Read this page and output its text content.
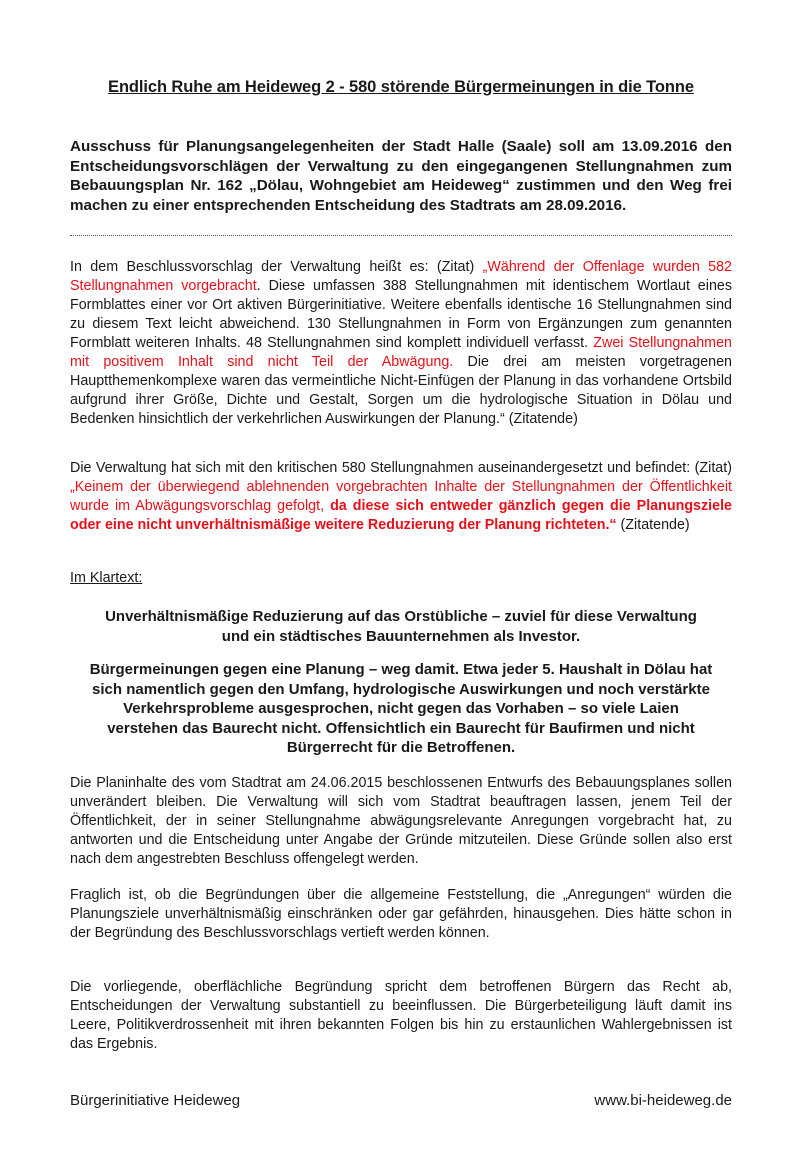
Endlich Ruhe am Heideweg 2 - 580 störende Bürgermeinungen in die Tonne
Ausschuss für Planungsangelegenheiten der Stadt Halle (Saale) soll am 13.09.2016 den Entscheidungsvorschlägen der Verwaltung zu den eingegangenen Stellungnahmen zum Bebauungsplan Nr. 162 „Dölau, Wohngebiet am Heideweg“ zustimmen und den Weg frei machen zu einer entsprechenden Entscheidung des Stadtrats am 28.09.2016.
In dem Beschlussvorschlag der Verwaltung heißt es: (Zitat) „Während der Offenlage wurden 582 Stellungnahmen vorgebracht. Diese umfassen 388 Stellungnahmen mit identischem Wortlaut eines Formblattes einer vor Ort aktiven Bürgerinitiative. Weitere ebenfalls identische 16 Stellungnahmen sind zu diesem Text leicht abweichend. 130 Stellungnahmen in Form von Ergänzungen zum genannten Formblatt weiteren Inhalts. 48 Stellungnahmen sind komplett individuell verfasst. Zwei Stellungnahmen mit positivem Inhalt sind nicht Teil der Abwägung. Die drei am meisten vorgetragenen Hauptthemenkomplexe waren das vermeintliche Nicht-Einfügen der Planung in das vorhandene Ortsbild aufgrund ihrer Größe, Dichte und Gestalt, Sorgen um die hydrologische Situation in Dölau und Bedenken hinsichtlich der verkehrlichen Auswirkungen der Planung.“ (Zitatende)
Die Verwaltung hat sich mit den kritischen 580 Stellungnahmen auseinandergesetzt und befindet: (Zitat) „Keinem der überwiegend ablehnenden vorgebrachten Inhalte der Stellungnahmen der Öffentlichkeit wurde im Abwägungsvorschlag gefolgt, da diese sich entweder gänzlich gegen die Planungsziele oder eine nicht unverhältnismäßige weitere Reduzierung der Planung richteten.“ (Zitatende)
Im Klartext:
Unverhältnismäßige Reduzierung auf das Orstübliche – zuviel für diese Verwaltung und ein städtisches Bauunternehmen als Investor.
Bürgermeinungen gegen eine Planung – weg damit. Etwa jeder 5. Haushalt in Dölau hat sich namentlich gegen den Umfang, hydrologische Auswirkungen und noch verstärkte Verkehrsprobleme ausgesprochen, nicht gegen das Vorhaben – so viele Laien verstehen das Baurecht nicht. Offensichtlich ein Baurecht für Baufirmen und nicht Bürgerrecht für die Betroffenen.
Die Planinhalte des vom Stadtrat am 24.06.2015 beschlossenen Entwurfs des Bebauungsplanes sollen unverändert bleiben. Die Verwaltung will sich vom Stadtrat beauftragen lassen, jenem Teil der Öffentlichkeit, der in seiner Stellungnahme abwägungsrelevante Anregungen vorgebracht hat, zu antworten und die Entscheidung unter Angabe der Gründe mitzuteilen. Diese Gründe sollen also erst nach dem angestrebten Beschluss offengelegt werden.
Fraglich ist, ob die Begründungen über die allgemeine Feststellung, die „Anregungen“ würden die Planungsziele unverhältnismäßig einschränken oder gar gefährden, hinausgehen. Dies hätte schon in der Begründung des Beschlussvorschlags vertieft werden können.
Die vorliegende, oberflächliche Begründung spricht dem betroffenen Bürgern das Recht ab, Entscheidungen der Verwaltung substantiell zu beeinflussen. Die Bürgerbeteiligung läuft damit ins Leere, Politikverdrossenheit mit ihren bekannten Folgen bis hin zu erstaunlichen Wahlergebnissen ist das Ergebnis.
Bürgerinitiative Heideweg	www.bi-heideweg.de
